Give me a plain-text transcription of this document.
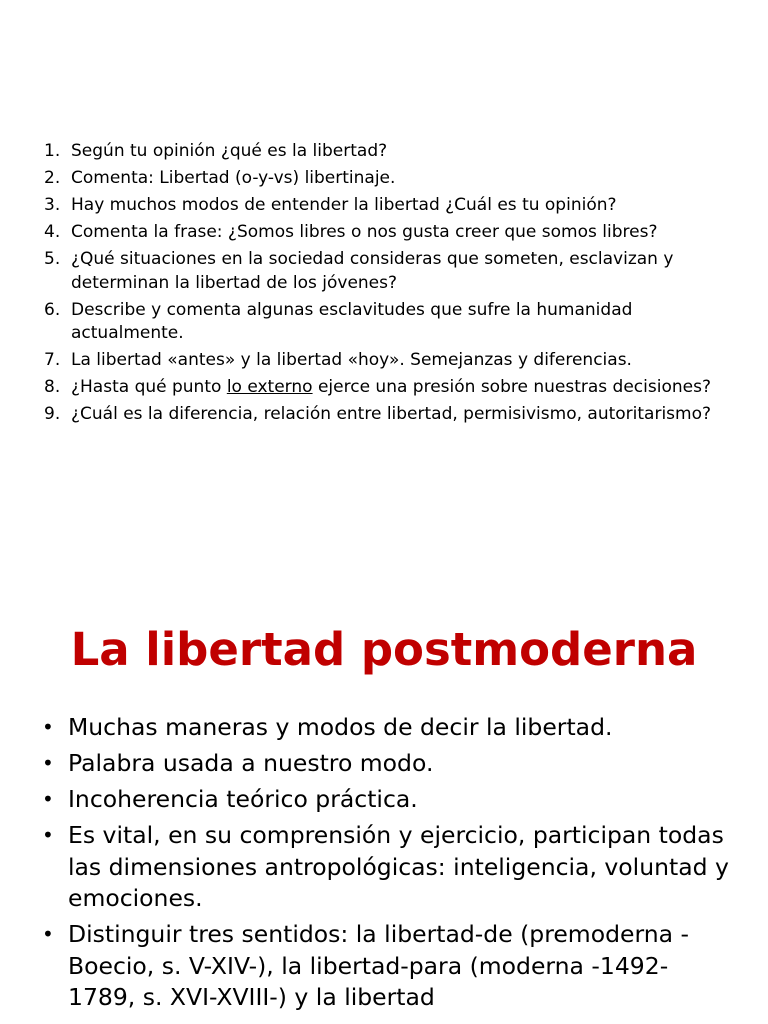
1. Según tu opinión ¿qué es la libertad?
2. Comenta: Libertad (o-y-vs) libertinaje.
3. Hay muchos modos de entender la libertad ¿Cuál es tu opinión?
4. Comenta la frase: ¿Somos libres o nos gusta creer que somos libres?
5. ¿Qué situaciones en la sociedad consideras que someten, esclavizan y determinan la libertad de los jóvenes?
6. Describe y comenta algunas esclavitudes que sufre la humanidad actualmente.
7. La libertad «antes» y la libertad «hoy». Semejanzas y diferencias.
8. ¿Hasta qué punto lo externo ejerce una presión sobre nuestras decisiones?
9. ¿Cuál es la diferencia, relación entre libertad, permisivismo, autoritarismo?
La libertad postmoderna
• Muchas maneras y modos de decir la libertad.
• Palabra usada a nuestro modo.
• Incoherencia teórico práctica.
• Es vital, en su comprensión y ejercicio, participan todas las dimensiones antropológicas: inteligencia, voluntad y emociones.
• Distinguir tres sentidos: la libertad-de (premoderna -Boecio, s. V-XIV-), la libertad-para (moderna -1492-1789, s. XVI-XVIII-) y la libertad
